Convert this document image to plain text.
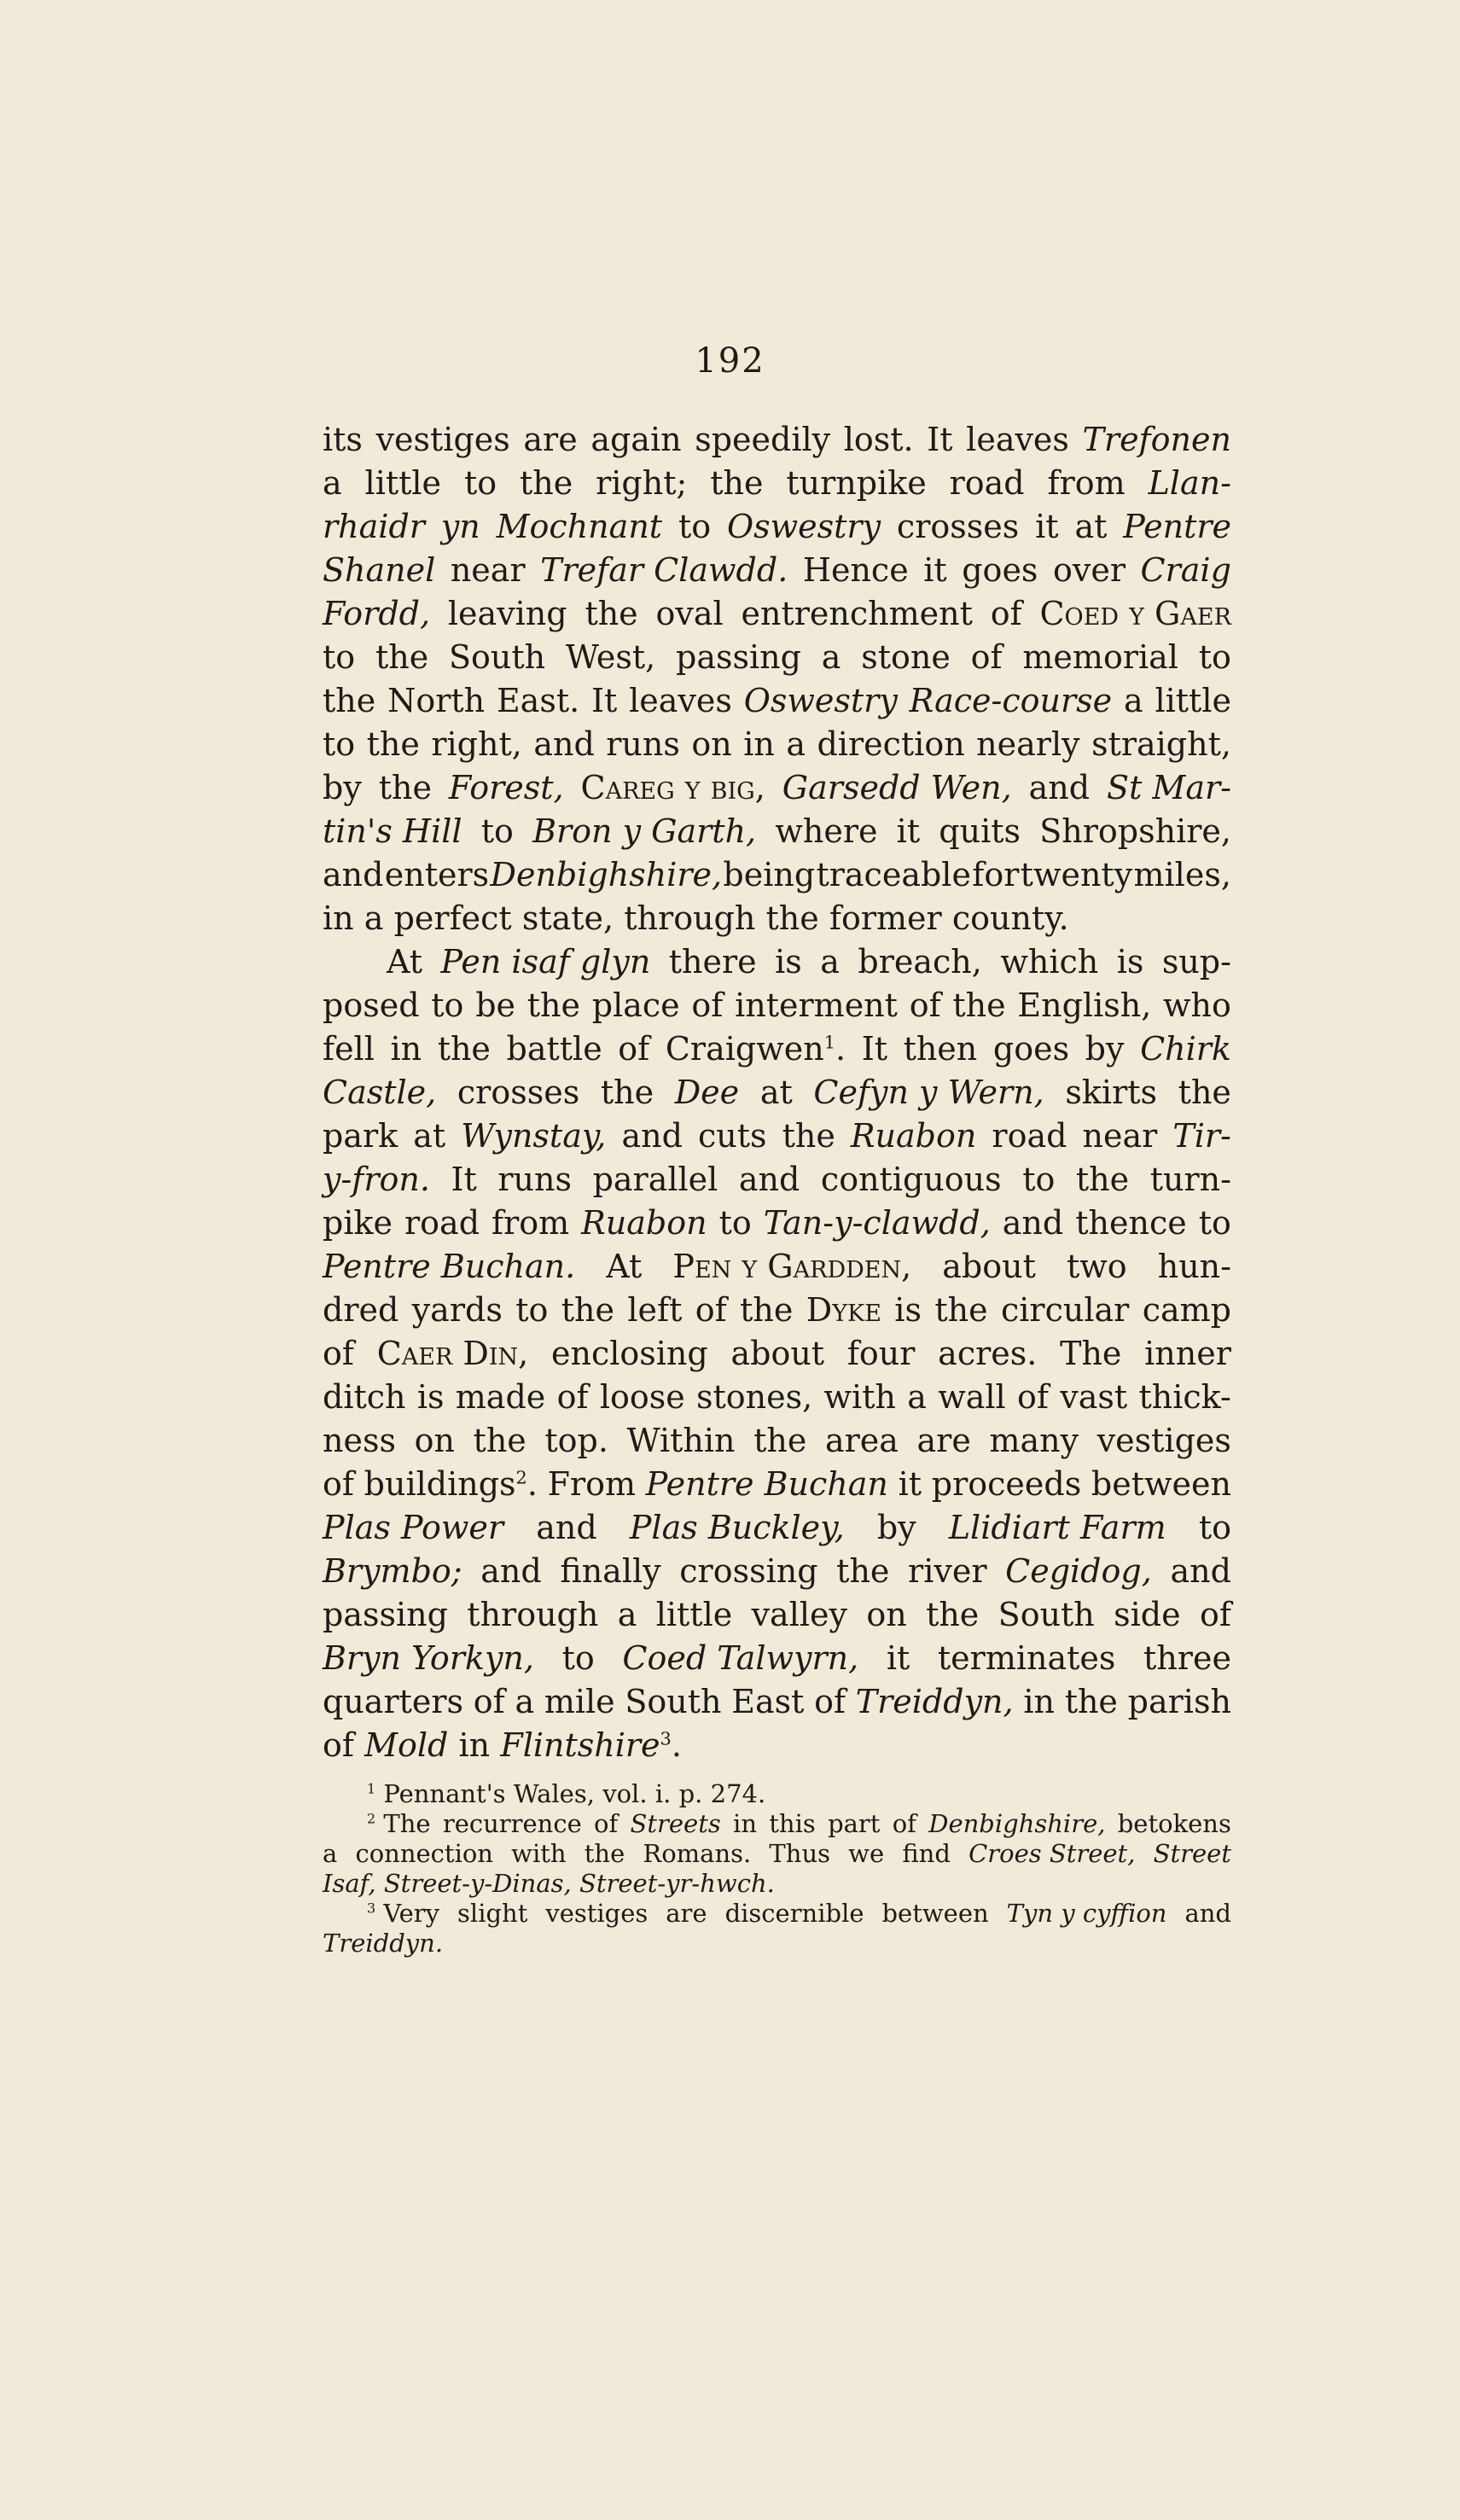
192
its vestiges are again speedily lost. It leaves Trefonen
a little to the right; the turnpike road from Llan-
rhaidr yn Mochnant to Oswestry crosses it at Pentre
Shanel near Trefar Clawdd. Hence it goes over Craig
Fordd, leaving the oval entrenchment of Coed y Gaer
to the South West, passing a stone of memorial to
the North East. It leaves Oswestry Race-course a little
to the right, and runs on in a direction nearly straight,
by the Forest, Careg y big, Garsedd Wen, and St Mar-
tin's Hill to Bron y Garth, where it quits Shropshire,
and enters Denbighshire, being traceable for twenty miles,
in a perfect state, through the former county.
At Pen isaf glyn there is a breach, which is sup-
posed to be the place of interment of the English, who
fell in the battle of Craigwen$^1$. It then goes by Chirk
Castle, crosses the Dee at Cefyn y Wern, skirts the
park at Wynstay, and cuts the Ruabon road near Tir-
y-fron. It runs parallel and contiguous to the turn-
pike road from Ruabon to Tan-y-clawdd, and thence to
Pentre Buchan. At Pen y Gardden, about two hun-
dred yards to the left of the Dyke is the circular camp
of Caer Din, enclosing about four acres. The inner
ditch is made of loose stones, with a wall of vast thick-
ness on the top. Within the area are many vestiges
of buildings$^2$. From Pentre Buchan it proceeds between
Plas Power and Plas Buckley, by Llidiart Farm to
Brymbo; and finally crossing the river Cegidog, and
passing through a little valley on the South side of
Bryn Yorkyn, to Coed Talwyrn, it terminates three
quarters of a mile South East of Treiddyn, in the parish
of Mold in Flintshire$^3$.
$^1$ Pennant's Wales, vol. i. p. 274.
$^2$ The recurrence of Streets in this part of Denbighshire, betokens
a connection with the Romans. Thus we find Croes Street, Street
Isaf, Street-y-Dinas, Street-yr-hwch.
$^3$ Very slight vestiges are discernible between Tyn y cyffion and
Treiddyn.
